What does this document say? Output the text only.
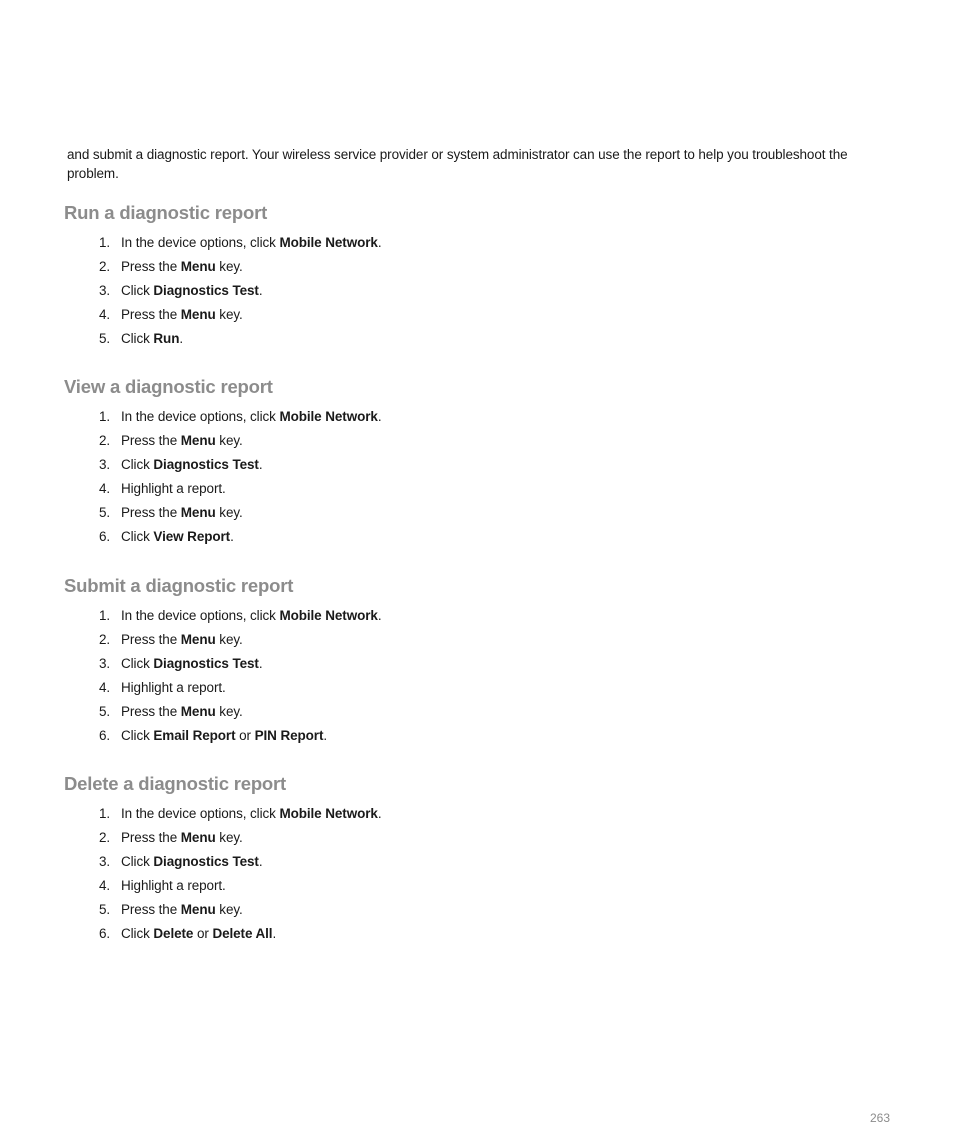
and submit a diagnostic report. Your wireless service provider or system administrator can use the report to help you troubleshoot the problem.

Run a diagnostic report
1. In the device options, click Mobile Network.
2. Press the Menu key.
3. Click Diagnostics Test.
4. Press the Menu key.
5. Click Run.
View a diagnostic report
1. In the device options, click Mobile Network.
2. Press the Menu key.
3. Click Diagnostics Test.
4. Highlight a report.
5. Press the Menu key.
6. Click View Report.
Submit a diagnostic report
1. In the device options, click Mobile Network.
2. Press the Menu key.
3. Click Diagnostics Test.
4. Highlight a report.
5. Press the Menu key.
6. Click Email Report or PIN Report.
Delete a diagnostic report
1. In the device options, click Mobile Network.
2. Press the Menu key.
3. Click Diagnostics Test.
4. Highlight a report.
5. Press the Menu key.
6. Click Delete or Delete All.
263
